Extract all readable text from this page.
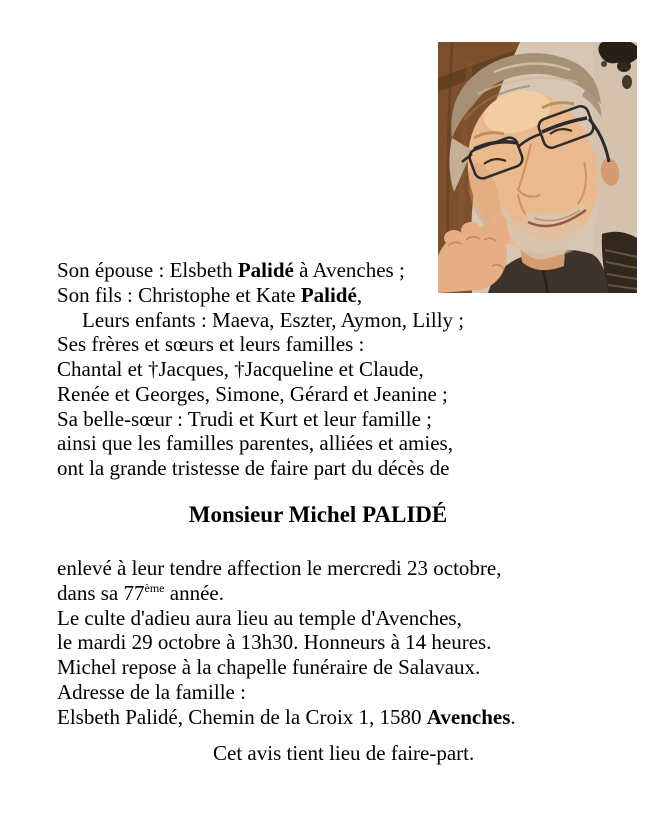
Son épouse : Elsbeth Palidé à Avenches ;

Son fils : Christophe et Kate Palidé,

Leurs enfants : Maeva, Eszter, Aymon, Lilly ;

Ses frères et sœurs et leurs familles :

Chantal et †Jacques, †Jacqueline et Claude,

Renée et Georges, Simone, Gérard et Jeanine ;

Sa belle-sœur : Trudi et Kurt et leur famille ;

ainsi que les familles parentes, alliées et amies,

ont la grande tristesse de faire part du décès de

Monsieur Michel PALIDÉ

enlevé à leur tendre affection le mercredi 23 octobre,

dans sa 77ème année.

Le culte d'adieu aura lieu au temple d'Avenches,

le mardi 29 octobre à 13h30. Honneurs à 14 heures.

Michel repose à la chapelle funéraire de Salavaux.

Adresse de la famille :

Elsbeth Palidé, Chemin de la Croix 1, 1580 Avenches.

Cet avis tient lieu de faire-part.
